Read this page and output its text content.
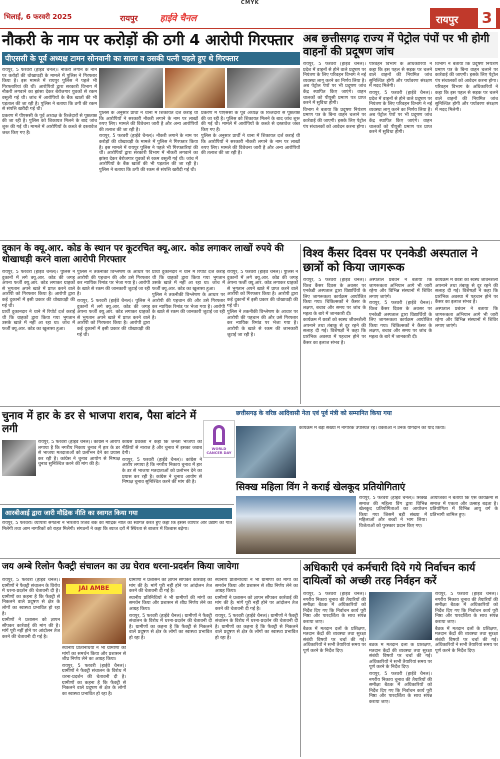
CMYK
भिलाई, 6 फरवरी 2025	रायपुर हाईवे चैनल	रायपुर 3
नौकरी के नाम पर करोड़ों की ठगी 4 आरोपी गिरफ्तार
पीएससी के पूर्व अध्यक्ष टामन सोनवानी का साला व उसकी पत्नी पहले हुए थे गिरफ्तार

रायपुर, 5 फरवरी (हाईवे चैनल)। नौकरी लगाने के नाम पर करोड़ों की धोखाधड़ी के मामले में पुलिस ने गिरफ्तार किया है। इस मामले में रायपुर पुलिस ने पहले भी गिरफ्तारियां की थीं। आरोपियों द्वारा सरकारी विभाग में नौकरी लगवाने का झांसा देकर बेरोजगार युवकों से रकम वसूली गई थी। जांच में आरोपियों के बैंक खातों की भी पड़ताल की जा रही है। पुलिस ने बताया कि ठगी की रकम से संपत्ति खरीदी गई थी।

प्रकरण में पीएससी के पूर्व अध्यक्ष के रिश्तेदारों से पूछताछ की जा रही है। पुलिस को शिकायत मिलने के बाद जांच शुरू की गई थी। मामले में आरोपियों के कब्जे से दस्तावेज जब्त किए गए हैं।

पुलिस के अनुसार प्रार्थी ने थाना में शिकायत दर्ज कराई थी कि आरोपियों ने सरकारी नौकरी लगाने के नाम पर लाखों रुपए लिए। मामले की विवेचना जारी है और अन्य आरोपियों की तलाश की जा रही है।

रायपुर, 5 फरवरी (हाईवे चैनल)। नौकरी लगाने के नाम पर करोड़ों की धोखाधड़ी के मामले में पुलिस ने गिरफ्तार किया है। इस मामले में रायपुर पुलिस ने पहले भी गिरफ्तारियां की थीं। आरोपियों द्वारा सरकारी विभाग में नौकरी लगवाने का झांसा देकर बेरोजगार युवकों से रकम वसूली गई थी। जांच में आरोपियों के बैंक खातों की भी पड़ताल की जा रही है। पुलिस ने बताया कि ठगी की रकम से संपत्ति खरीदी गई थी।

प्रकरण में पीएससी के पूर्व अध्यक्ष के रिश्तेदारों से पूछताछ की जा रही है। पुलिस को शिकायत मिलने के बाद जांच शुरू की गई थी। मामले में आरोपियों के कब्जे से दस्तावेज जब्त किए गए हैं।

पुलिस के अनुसार प्रार्थी ने थाना में शिकायत दर्ज कराई थी कि आरोपियों ने सरकारी नौकरी लगाने के नाम पर लाखों रुपए लिए। मामले की विवेचना जारी है और अन्य आरोपियों की तलाश की जा रही है।

अब छत्तीसगढ़ राज्य में पेट्रोल पंपों पर भी होगी वाहनों की प्रदूषण जांच

रायपुर, 5 फरवरी (हाईवे चैनल)। प्रदेश में वाहनों से होने वाले प्रदूषण पर नियंत्रण के लिए परिवहन विभाग ने नई व्यवस्था लागू करने का निर्णय लिया है। अब पेट्रोल पंपों पर भी प्रदूषण जांच केंद्र स्थापित किए जाएंगे। वाहन चालकों को पीयूसी प्रमाण पत्र प्राप्त करने में सुविधा होगी।

विभाग ने बताया कि प्रदूषण नियंत्रण प्रमाण पत्र के बिना वाहन चलाने पर कार्रवाई की जाएगी। इसके लिए पेट्रोल पंप संचालकों को आवेदन करना होगा।

परिवहन विभाग के अधिकारियों ने कहा कि इस पहल से सड़क पर चलने वाले वाहनों की नियमित जांच सुनिश्चित होगी और पर्यावरण संरक्षण में मदद मिलेगी।

रायपुर, 5 फरवरी (हाईवे चैनल)। प्रदेश में वाहनों से होने वाले प्रदूषण पर नियंत्रण के लिए परिवहन विभाग ने नई व्यवस्था लागू करने का निर्णय लिया है। अब पेट्रोल पंपों पर भी प्रदूषण जांच केंद्र स्थापित किए जाएंगे। वाहन चालकों को पीयूसी प्रमाण पत्र प्राप्त करने में सुविधा होगी।

विभाग ने बताया कि प्रदूषण नियंत्रण प्रमाण पत्र के बिना वाहन चलाने पर कार्रवाई की जाएगी। इसके लिए पेट्रोल पंप संचालकों को आवेदन करना होगा।

परिवहन विभाग के अधिकारियों ने कहा कि इस पहल से सड़क पर चलने वाले वाहनों की नियमित जांच सुनिश्चित होगी और पर्यावरण संरक्षण में मदद मिलेगी।

दुकान के क्यू.आर. कोड के स्थान पर कूटरचित क्यू.आर. कोड लगाकर लाखों रुपये की धोखाधड़ी करने वाला आरोपी गिरफ्तार

रायपुर, 5 फरवरी (हाईवे चैनल)। पुलिस ने दुकानों में लगे क्यू.आर. कोड की जगह अपना फर्जी क्यू.आर. कोड लगाकर ग्राहकों से भुगतान अपने खाते में प्राप्त करने वाले आरोपी को गिरफ्तार किया है। आरोपी द्वारा कई दुकानों में इसी प्रकार की धोखाधड़ी की गई थी।

प्रार्थी दुकानदार ने थाने में रिपोर्ट दर्ज कराई थी कि ग्राहकों द्वारा किया गया भुगतान उसके खाते में नहीं आ रहा था। जांच में फर्जी क्यू.आर. कोड का खुलासा हुआ।

पुलिस ने तकनीकी विश्लेषण के आधार पर आरोपी की पहचान की और उसे गिरफ्तार कर न्यायिक रिमांड पर भेजा गया है। आरोपी के खाते से रकम की जानकारी जुटाई जा रही है।

रायपुर, 5 फरवरी (हाईवे चैनल)। पुलिस ने दुकानों में लगे क्यू.आर. कोड की जगह अपना फर्जी क्यू.आर. कोड लगाकर ग्राहकों से भुगतान अपने खाते में प्राप्त करने वाले आरोपी को गिरफ्तार किया है। आरोपी द्वारा कई दुकानों में इसी प्रकार की धोखाधड़ी की गई थी।

प्रार्थी दुकानदार ने थाने में रिपोर्ट दर्ज कराई थी कि ग्राहकों द्वारा किया गया भुगतान उसके खाते में नहीं आ रहा था। जांच में फर्जी क्यू.आर. कोड का खुलासा हुआ।

पुलिस ने तकनीकी विश्लेषण के आधार पर आरोपी की पहचान की और उसे गिरफ्तार कर न्यायिक रिमांड पर भेजा गया है। आरोपी के खाते से रकम की जानकारी जुटाई जा रही है।

रायपुर, 5 फरवरी (हाईवे चैनल)। पुलिस ने दुकानों में लगे क्यू.आर. कोड की जगह अपना फर्जी क्यू.आर. कोड लगाकर ग्राहकों से भुगतान अपने खाते में प्राप्त करने वाले आरोपी को गिरफ्तार किया है। आरोपी द्वारा कई दुकानों में इसी प्रकार की धोखाधड़ी की गई थी।

पुलिस ने तकनीकी विश्लेषण के आधार पर आरोपी की पहचान की और उसे गिरफ्तार कर न्यायिक रिमांड पर भेजा गया है। आरोपी के खाते से रकम की जानकारी जुटाई जा रही है।

विश्व कैंसर दिवस पर एनकेडी अस्पताल ने छात्रों को किया जागरूक

रायपुर, 5 फरवरी (हाईवे चैनल)। विश्व कैंसर दिवस के अवसर पर एनकेडी अस्पताल द्वारा विद्यार्थियों के लिए जागरूकता कार्यक्रम आयोजित किया गया। चिकित्सकों ने कैंसर के लक्षण, बचाव और समय पर जांच के महत्व के बारे में जानकारी दी।

कार्यक्रम में छात्रों को स्वस्थ जीवनशैली अपनाने तथा तंबाकू से दूर रहने की सलाह दी गई। विशेषज्ञों ने कहा कि प्रारंभिक अवस्था में पहचान होने पर कैंसर का इलाज संभव है।

अस्पताल प्रबंधन ने बताया कि जागरूकता अभियान आगे भी जारी रहेगा और विभिन्न संस्थानों में शिविर लगाए जाएंगे।

रायपुर, 5 फरवरी (हाईवे चैनल)। विश्व कैंसर दिवस के अवसर पर एनकेडी अस्पताल द्वारा विद्यार्थियों के लिए जागरूकता कार्यक्रम आयोजित किया गया। चिकित्सकों ने कैंसर के लक्षण, बचाव और समय पर जांच के महत्व के बारे में जानकारी दी।

कार्यक्रम में छात्रों को स्वस्थ जीवनशैली अपनाने तथा तंबाकू से दूर रहने की सलाह दी गई। विशेषज्ञों ने कहा कि प्रारंभिक अवस्था में पहचान होने पर कैंसर का इलाज संभव है।

अस्पताल प्रबंधन ने बताया कि जागरूकता अभियान आगे भी जारी रहेगा और विभिन्न संस्थानों में शिविर लगाए जाएंगे।

चुनाव में हार के डर से भाजपा शराब, पैसा बांटने में लगी

रायपुर, 5 फरवरी (हाईवे चैनल)। कांग्रेस ने आरोप लगाया है कि नगरीय निकाय चुनाव में हार के डर से भाजपा मतदाताओं को प्रलोभन देने का प्रयास कर रही है। कांग्रेस ने चुनाव आयोग से निष्पक्ष चुनाव सुनिश्चित करने की मांग की है।

कांग्रेस प्रवक्ता ने कहा कि जनता भाजपा की नीतियों से नाराज है और चुनाव में इसका जवाब देगी।

रायपुर, 5 फरवरी (हाईवे चैनल)। कांग्रेस ने आरोप लगाया है कि नगरीय निकाय चुनाव में हार के डर से भाजपा मतदाताओं को प्रलोभन देने का प्रयास कर रही है। कांग्रेस ने चुनाव आयोग से निष्पक्ष चुनाव सुनिश्चित करने की मांग की है।

WORLD CANCER DAY
छत्तीसगढ़ के वरिष्ठ आदिवासी नेता एवं पूर्व मंत्री को सम्मानित किया गया

कार्यक्रम में बड़ी संख्या में नागरिक उपस्थित रहे। वक्ताओं ने उनके योगदान को याद किया।

सिक्ख महिला विंग ने कराई खेलकूद प्रतियोगिताएं

रायपुर, 5 फरवरी (हाईवे चैनल)। सिक्ख समाज की महिला विंग द्वारा विभिन्न खेलकूद प्रतियोगिताओं का आयोजन किया गया जिसमें बड़ी संख्या में महिलाओं और बच्चों ने भाग लिया। विजेताओं को पुरस्कार प्रदान किए गए।

आयोजकों ने बताया कि ऐसे कार्यक्रमों से समाज में एकता और उत्साह बढ़ता है। प्रतियोगिता में विभिन्न आयु वर्ग के प्रतिभागी शामिल हुए।

आरबीआई द्वारा जारी मौद्रिक नीति का स्वागत किया गया

रायपुर, 5 फरवरी। व्यापारी संगठनों ने भारतीय रिजर्व बैंक की मौद्रिक नीति का स्वागत करते हुए कहा कि इससे व्यापार और उद्योग को गति मिलेगी तथा आम नागरिकों को राहत मिलेगी। संगठनों ने कहा कि ब्याज दरों में स्थिरता से बाजार में विश्वास बढ़ेगा।

जय अम्बे रिलोन फैक्ट्री संचालन का उग्र घेराव धरना-प्रदर्शन किया जायेगा

रायपुर, 5 फरवरी (हाईवे चैनल)। ग्रामीणों ने फैक्ट्री संचालन के विरोध में धरना-प्रदर्शन की चेतावनी दी है। ग्रामीणों का कहना है कि फैक्ट्री से निकलने वाले प्रदूषण से क्षेत्र के लोगों का स्वास्थ्य प्रभावित हो रहा है।

ग्रामीणों ने प्रशासन को ज्ञापन सौंपकर कार्रवाई की मांग की है। मांगें पूरी नहीं होने पर आंदोलन तेज करने की चेतावनी दी गई है।

JAI AMBE

स्थानीय प्रतिनिधियों ने भी ग्रामीणों की मांगों का समर्थन किया और प्रशासन से शीघ्र निर्णय लेने का आग्रह किया।

रायपुर, 5 फरवरी (हाईवे चैनल)। ग्रामीणों ने फैक्ट्री संचालन के विरोध में धरना-प्रदर्शन की चेतावनी दी है। ग्रामीणों का कहना है कि फैक्ट्री से निकलने वाले प्रदूषण से क्षेत्र के लोगों का स्वास्थ्य प्रभावित हो रहा है।

ग्रामीणों ने प्रशासन को ज्ञापन सौंपकर कार्रवाई की मांग की है। मांगें पूरी नहीं होने पर आंदोलन तेज करने की चेतावनी दी गई है।

स्थानीय प्रतिनिधियों ने भी ग्रामीणों की मांगों का समर्थन किया और प्रशासन से शीघ्र निर्णय लेने का आग्रह किया।

रायपुर, 5 फरवरी (हाईवे चैनल)। ग्रामीणों ने फैक्ट्री संचालन के विरोध में धरना-प्रदर्शन की चेतावनी दी है। ग्रामीणों का कहना है कि फैक्ट्री से निकलने वाले प्रदूषण से क्षेत्र के लोगों का स्वास्थ्य प्रभावित हो रहा है।

स्थानीय प्रतिनिधियों ने भी ग्रामीणों की मांगों का समर्थन किया और प्रशासन से शीघ्र निर्णय लेने का आग्रह किया।

ग्रामीणों ने प्रशासन को ज्ञापन सौंपकर कार्रवाई की मांग की है। मांगें पूरी नहीं होने पर आंदोलन तेज करने की चेतावनी दी गई है।

रायपुर, 5 फरवरी (हाईवे चैनल)। ग्रामीणों ने फैक्ट्री संचालन के विरोध में धरना-प्रदर्शन की चेतावनी दी है। ग्रामीणों का कहना है कि फैक्ट्री से निकलने वाले प्रदूषण से क्षेत्र के लोगों का स्वास्थ्य प्रभावित हो रहा है।

अधिकारी एवं कर्मचारी दिये गये निर्वाचन कार्य दायित्वों को अच्छी तरह निर्वहन करें

रायपुर, 5 फरवरी (हाईवे चैनल)। नगरीय निकाय चुनाव की तैयारियों की समीक्षा बैठक में अधिकारियों को निर्देश दिए गए कि निर्वाचन कार्य पूरी निष्ठा और पारदर्शिता के साथ संपन्न कराया जाए।

बैठक में मतदान दलों के प्रशिक्षण, मतदान केंद्रों की व्यवस्था तथा सुरक्षा संबंधी विषयों पर चर्चा की गई। अधिकारियों ने सभी तैयारियां समय पर पूर्ण करने के निर्देश दिए।

बैठक में मतदान दलों के प्रशिक्षण, मतदान केंद्रों की व्यवस्था तथा सुरक्षा संबंधी विषयों पर चर्चा की गई। अधिकारियों ने सभी तैयारियां समय पर पूर्ण करने के निर्देश दिए।

रायपुर, 5 फरवरी (हाईवे चैनल)। नगरीय निकाय चुनाव की तैयारियों की समीक्षा बैठक में अधिकारियों को निर्देश दिए गए कि निर्वाचन कार्य पूरी निष्ठा और पारदर्शिता के साथ संपन्न कराया जाए।

रायपुर, 5 फरवरी (हाईवे चैनल)। नगरीय निकाय चुनाव की तैयारियों की समीक्षा बैठक में अधिकारियों को निर्देश दिए गए कि निर्वाचन कार्य पूरी निष्ठा और पारदर्शिता के साथ संपन्न कराया जाए।

बैठक में मतदान दलों के प्रशिक्षण, मतदान केंद्रों की व्यवस्था तथा सुरक्षा संबंधी विषयों पर चर्चा की गई। अधिकारियों ने सभी तैयारियां समय पर पूर्ण करने के निर्देश दिए।
